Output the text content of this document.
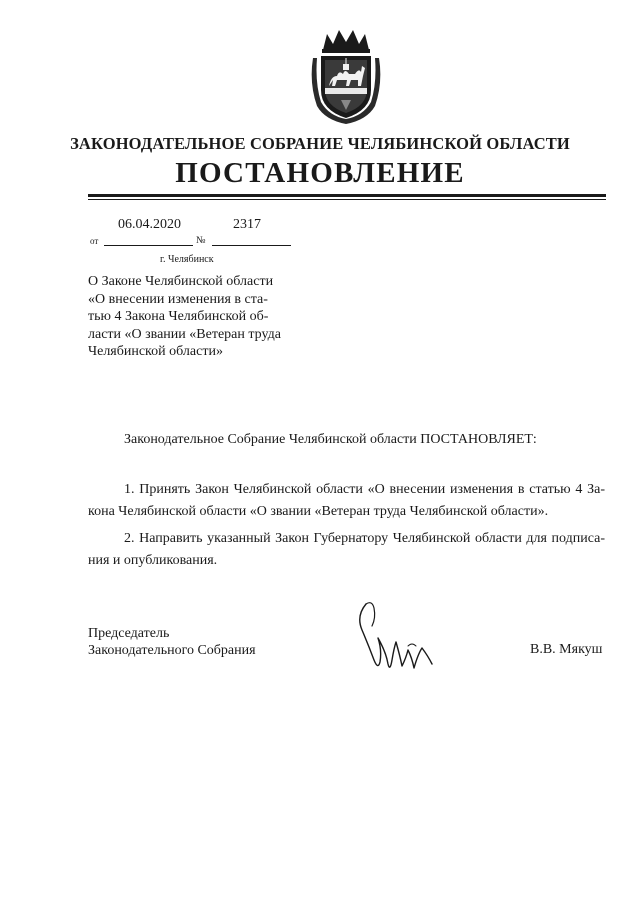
ЗАКОНОДАТЕЛЬНОЕ СОБРАНИЕ ЧЕЛЯБИНСКОЙ ОБЛАСТИ
ПОСТАНОВЛЕНИЕ
06.04.2020	2317
от	№
г. Челябинск
О Законе Челябинской области
«О внесении изменения в ста-
тью 4 Закона Челябинской об-
ласти «О звании «Ветеран труда
Челябинской области»
Законодательное Собрание Челябинской области ПОСТАНОВЛЯЕТ:
1. Принять Закон Челябинской области «О внесении изменения в статью 4 За-
кона Челябинской области «О звании «Ветеран труда Челябинской области».
2. Направить указанный Закон Губернатору Челябинской области для подписа-
ния и опубликования.
Председатель
Законодательного Собрания	В.В. Мякуш
